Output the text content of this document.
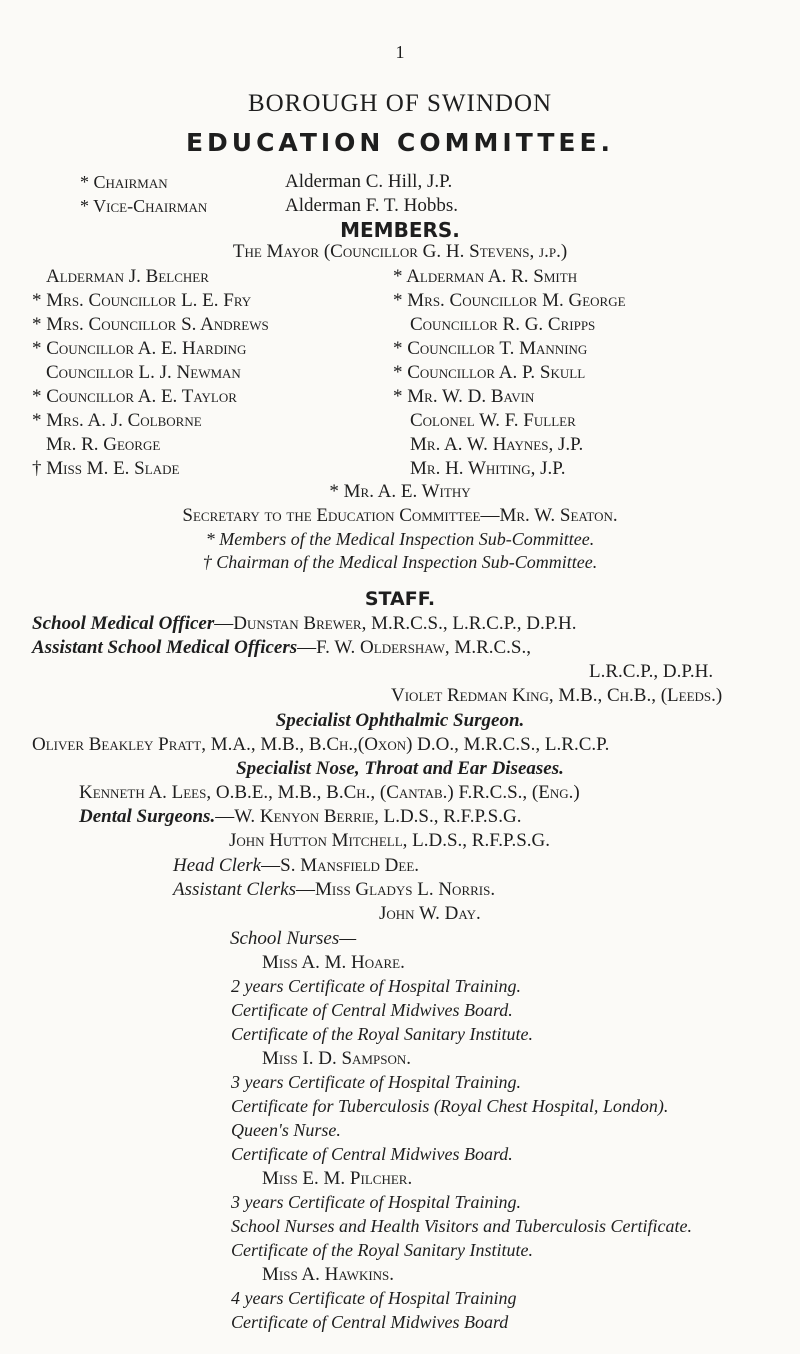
1
BOROUGH OF SWINDON
EDUCATION COMMITTEE.
* Chairman	Alderman C. Hill, J.P.
* Vice-Chairman	Alderman F. T. Hobbs.
MEMBERS.
The Mayor (Councillor G. H. Stevens, j.p.)
Alderman J. Belcher
* Mrs. Councillor L. E. Fry
* Mrs. Councillor S. Andrews
* Councillor A. E. Harding
Councillor L. J. Newman
* Councillor A. E. Taylor
* Mrs. A. J. Colborne
Mr. R. George
† Miss M. E. Slade
* Alderman A. R. Smith
* Mrs. Councillor M. George
Councillor R. G. Cripps
* Councillor T. Manning
* Councillor A. P. Skull
* Mr. W. D. Bavin
Colonel W. F. Fuller
Mr. A. W. Haynes, J.P.
Mr. H. Whiting, J.P.
* Mr. A. E. Withy
Secretary to the Education Committee—Mr. W. Seaton.
* Members of the Medical Inspection Sub-Committee.
† Chairman of the Medical Inspection Sub-Committee.
STAFF.
School Medical Officer—Dunstan Brewer, M.R.C.S., L.R.C.P., D.P.H.
Assistant School Medical Officers—F. W. Oldershaw, M.R.C.S.,
L.R.C.P., D.P.H.
Violet Redman King, M.B., Ch.B., (Leeds.)
Specialist Ophthalmic Surgeon.
Oliver Beakley Pratt, M.A., M.B., B.Ch.,(Oxon) D.O., M.R.C.S., L.R.C.P.
Specialist Nose, Throat and Ear Diseases.
Kenneth A. Lees, O.B.E., M.B., B.Ch., (Cantab.) F.R.C.S., (Eng.)
Dental Surgeons.—W. Kenyon Berrie, L.D.S., R.F.P.S.G.
John Hutton Mitchell, L.D.S., R.F.P.S.G.
Head Clerk—S. Mansfield Dee.
Assistant Clerks—Miss Gladys L. Norris.
John W. Day.
School Nurses—
Miss A. M. Hoare.
2 years Certificate of Hospital Training.
Certificate of Central Midwives Board.
Certificate of the Royal Sanitary Institute.
Miss I. D. Sampson.
3 years Certificate of Hospital Training.
Certificate for Tuberculosis (Royal Chest Hospital, London).
Queen's Nurse.
Certificate of Central Midwives Board.
Miss E. M. Pilcher.
3 years Certificate of Hospital Training.
School Nurses and Health Visitors and Tuberculosis Certificate.
Certificate of the Royal Sanitary Institute.
Miss A. Hawkins.
4 years Certificate of Hospital Training
Certificate of Central Midwives Board
